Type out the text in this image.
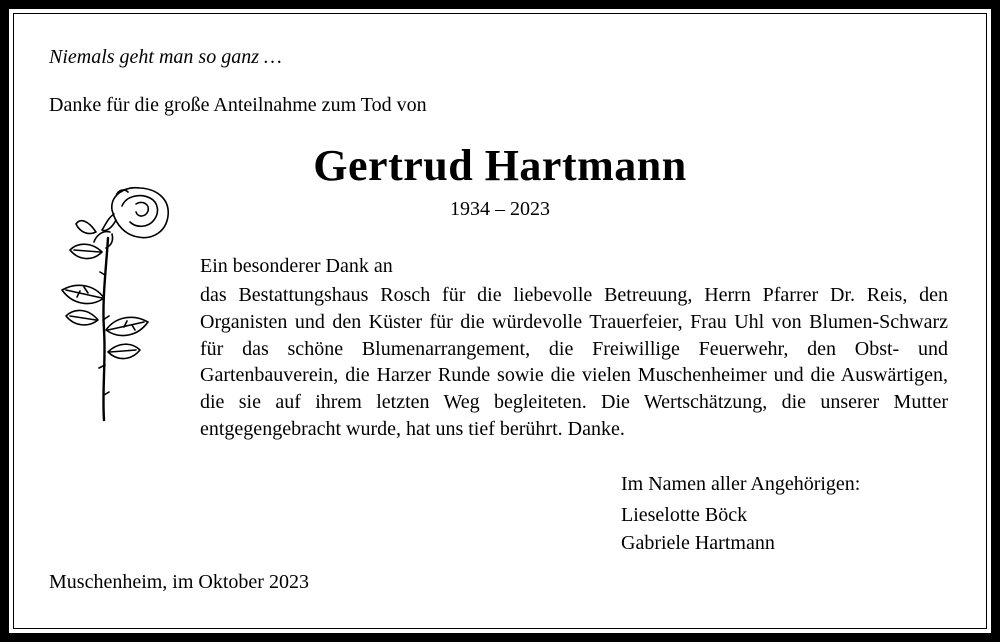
Niemals geht man so ganz …

Danke für die große Anteilnahme zum Tod von

Gertrud Hartmann

1934 – 2023

Ein besonderer Dank an

das Bestattungshaus Rosch für die liebevolle Betreuung, Herrn Pfarrer Dr. Reis, den Organisten und den Küster für die würdevolle Trauerfeier, Frau Uhl von Blumen-Schwarz für das schöne Blumenarrangement, die Freiwillige Feuerwehr, den Obst- und Gartenbauverein, die Harzer Runde sowie die vielen Muschenheimer und die Auswärtigen, die sie auf ihrem letzten Weg begleiteten. Die Wertschätzung, die unserer Mutter entgegengebracht wurde, hat uns tief berührt. Danke.

Im Namen aller Angehörigen:

Lieselotte Böck

Gabriele Hartmann

Muschenheim, im Oktober 2023
